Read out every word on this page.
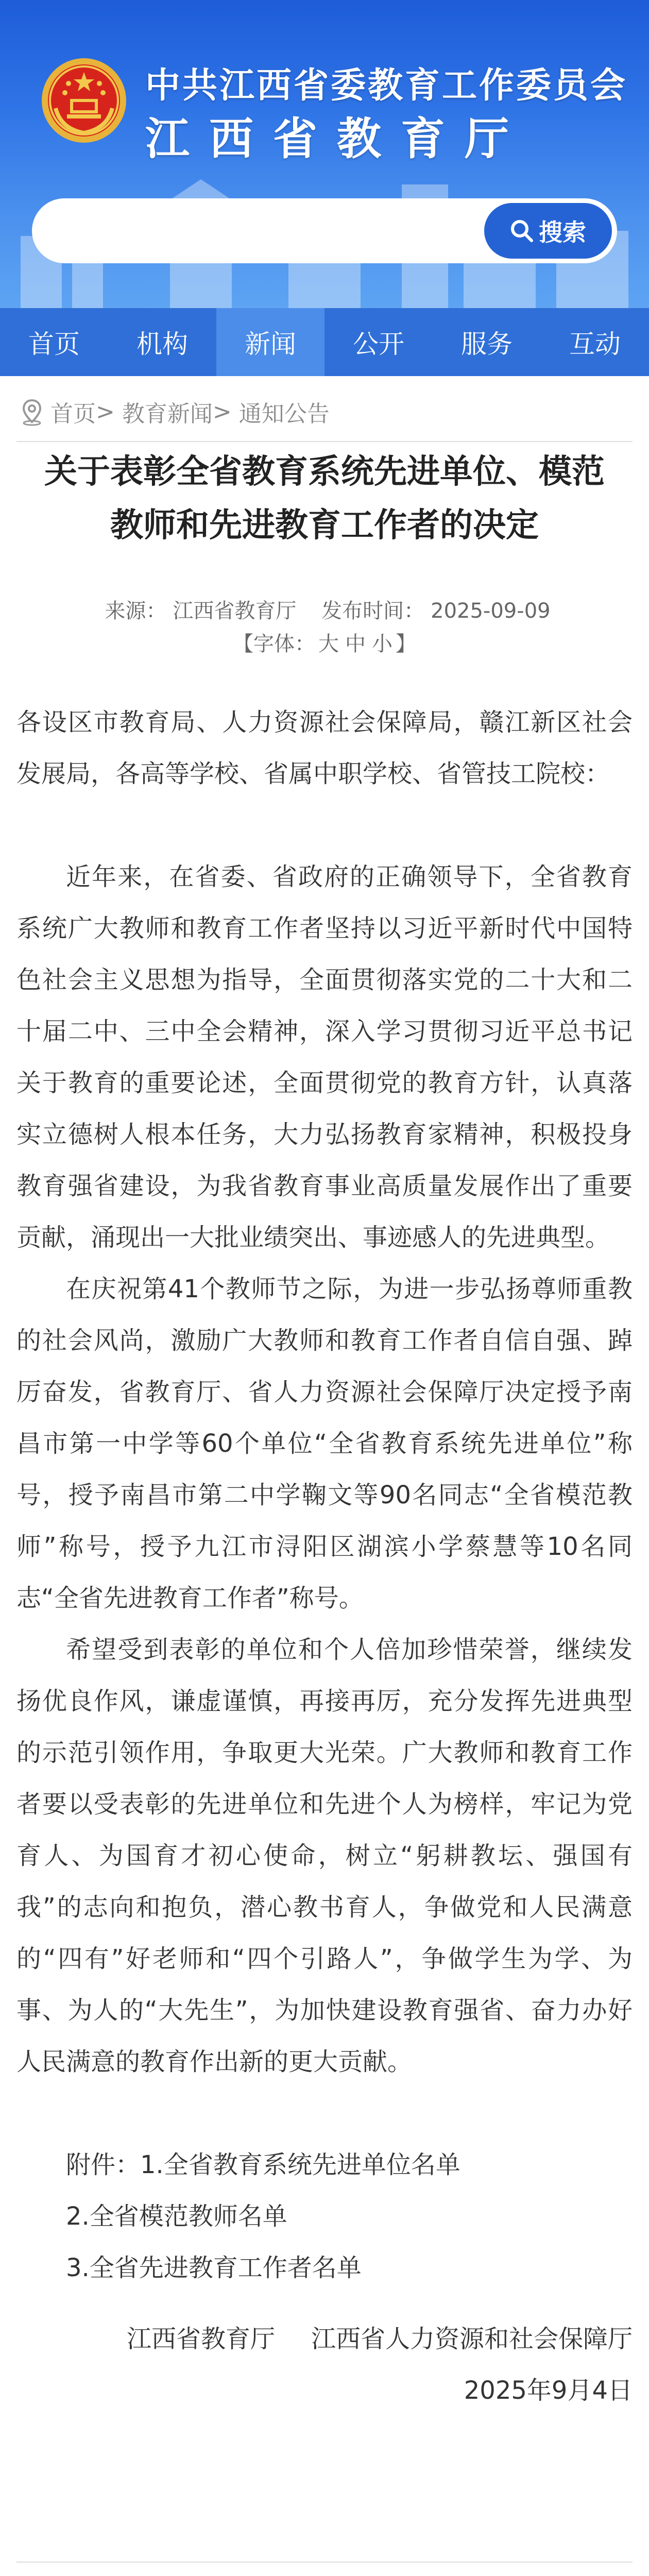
中共江西省委教育工作委员会
江西省教育厅
搜索
首页	机构	新闻	公开	服务	互动
首页 > 教育新闻 > 通知公告
关于表彰全省教育系统先进单位、模范
教师和先进教育工作者的决定
来源： 江西省教育厅 发布时间： 2025-09-09
【字体： 大 中 小 】

各设区市教育局、人力资源社会保障局，赣江新区社会发展局，各高等学校、省属中职学校、省管技工院校：

近年来，在省委、省政府的正确领导下，全省教育系统广大教师和教育工作者坚持以习近平新时代中国特色社会主义思想为指导，全面贯彻落实党的二十大和二十届二中、三中全会精神，深入学习贯彻习近平总书记关于教育的重要论述，全面贯彻党的教育方针，认真落实立德树人根本任务，大力弘扬教育家精神，积极投身教育强省建设，为我省教育事业高质量发展作出了重要贡献，涌现出一大批业绩突出、事迹感人的先进典型。

在庆祝第41个教师节之际，为进一步弘扬尊师重教的社会风尚，激励广大教师和教育工作者自信自强、踔厉奋发，省教育厅、省人力资源社会保障厅决定授予南昌市第一中学等60个单位“全省教育系统先进单位”称号，授予南昌市第二中学鞠文等90名同志“全省模范教师”称号，授予九江市浔阳区湖滨小学蔡慧等10名同志“全省先进教育工作者”称号。

希望受到表彰的单位和个人倍加珍惜荣誉，继续发扬优良作风，谦虚谨慎，再接再厉，充分发挥先进典型的示范引领作用，争取更大光荣。广大教师和教育工作者要以受表彰的先进单位和先进个人为榜样，牢记为党育人、为国育才初心使命，树立“躬耕教坛、强国有我”的志向和抱负，潜心教书育人，争做党和人民满意的“四有”好老师和“四个引路人”，争做学生为学、为事、为人的“大先生”，为加快建设教育强省、奋力办好人民满意的教育作出新的更大贡献。

附件：1.全省教育系统先进单位名单

2.全省模范教师名单

3.全省先进教育工作者名单

江西省教育厅 江西省人力资源和社会保障厅
2025年9月4日
